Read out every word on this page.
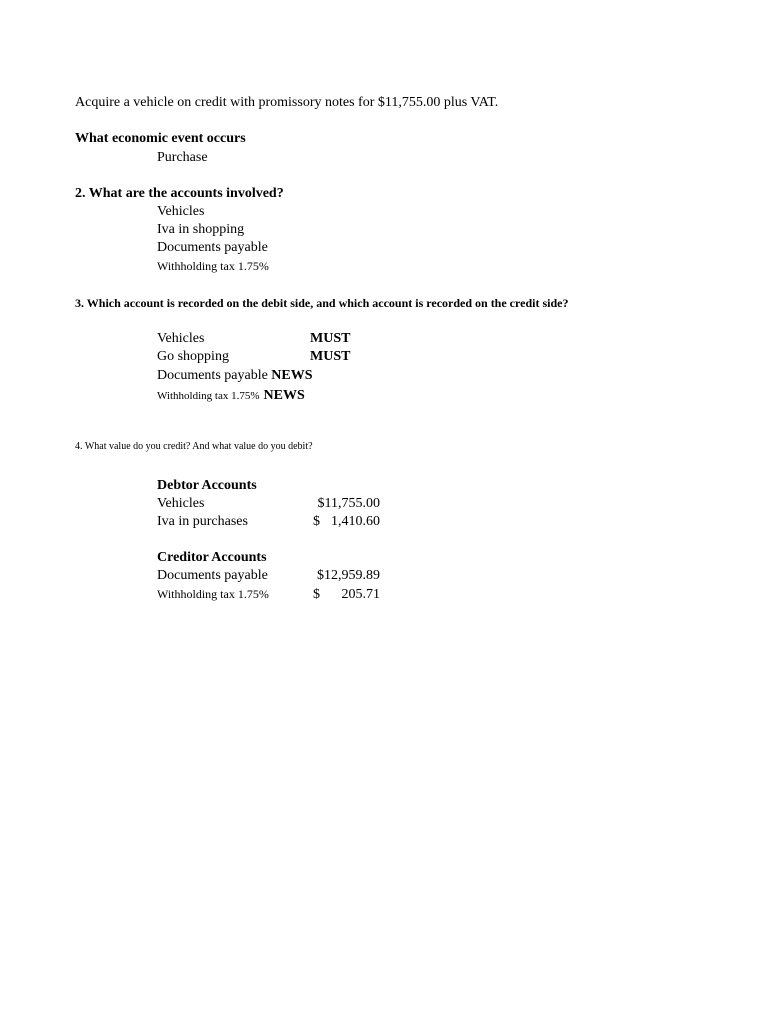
Acquire a vehicle on credit with promissory notes for $11,755.00 plus VAT.
What economic event occurs
Purchase
2. What are the accounts involved?
Vehicles
Iva in shopping
Documents payable
Withholding tax 1.75%
3. Which account is recorded on the debit side, and which account is recorded on the credit side?
Vehicles	MUST
Go shopping	MUST
Documents payable NEWS
Withholding tax 1.75% NEWS
4. What value do you credit? And what value do you debit?
Debtor Accounts
Vehicles	$11,755.00
Iva in purchases	$ 1,410.60
Creditor Accounts
Documents payable	$12,959.89
Withholding tax 1.75%	$ 205.71
